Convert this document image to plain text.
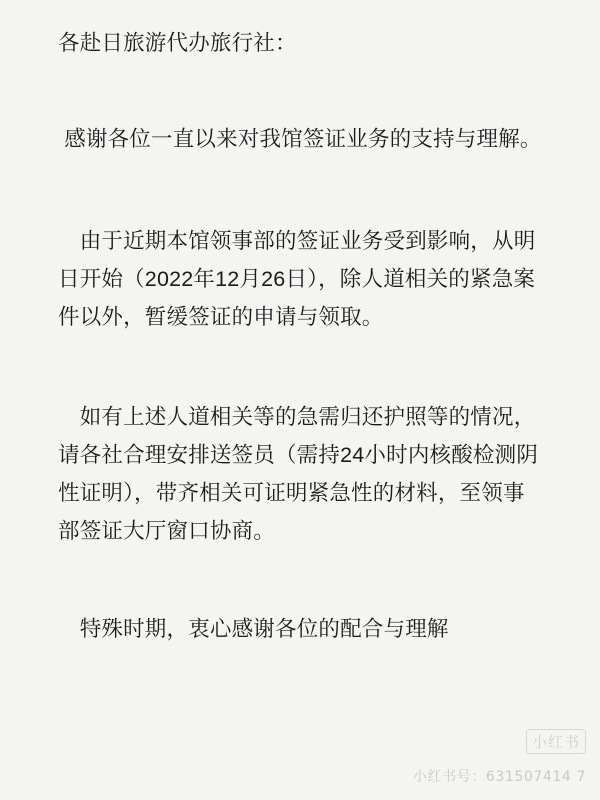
各赴日旅游代办旅行社：

感谢各位一直以来对我馆签证业务的支持与理解。

　由于近期本馆领事部的签证业务受到影响，从明日开始（2022年12月26日），除人道相关的紧急案件以外，暂缓签证的申请与领取。

　如有上述人道相关等的急需归还护照等的情况，请各社合理安排送签员（需持24小时内核酸检测阴性证明），带齐相关可证明紧急性的材料，至领事部签证大厅窗口协商。

　特殊时期，衷心感谢各位的配合与理解

小红书
小红书号：631507414 7
